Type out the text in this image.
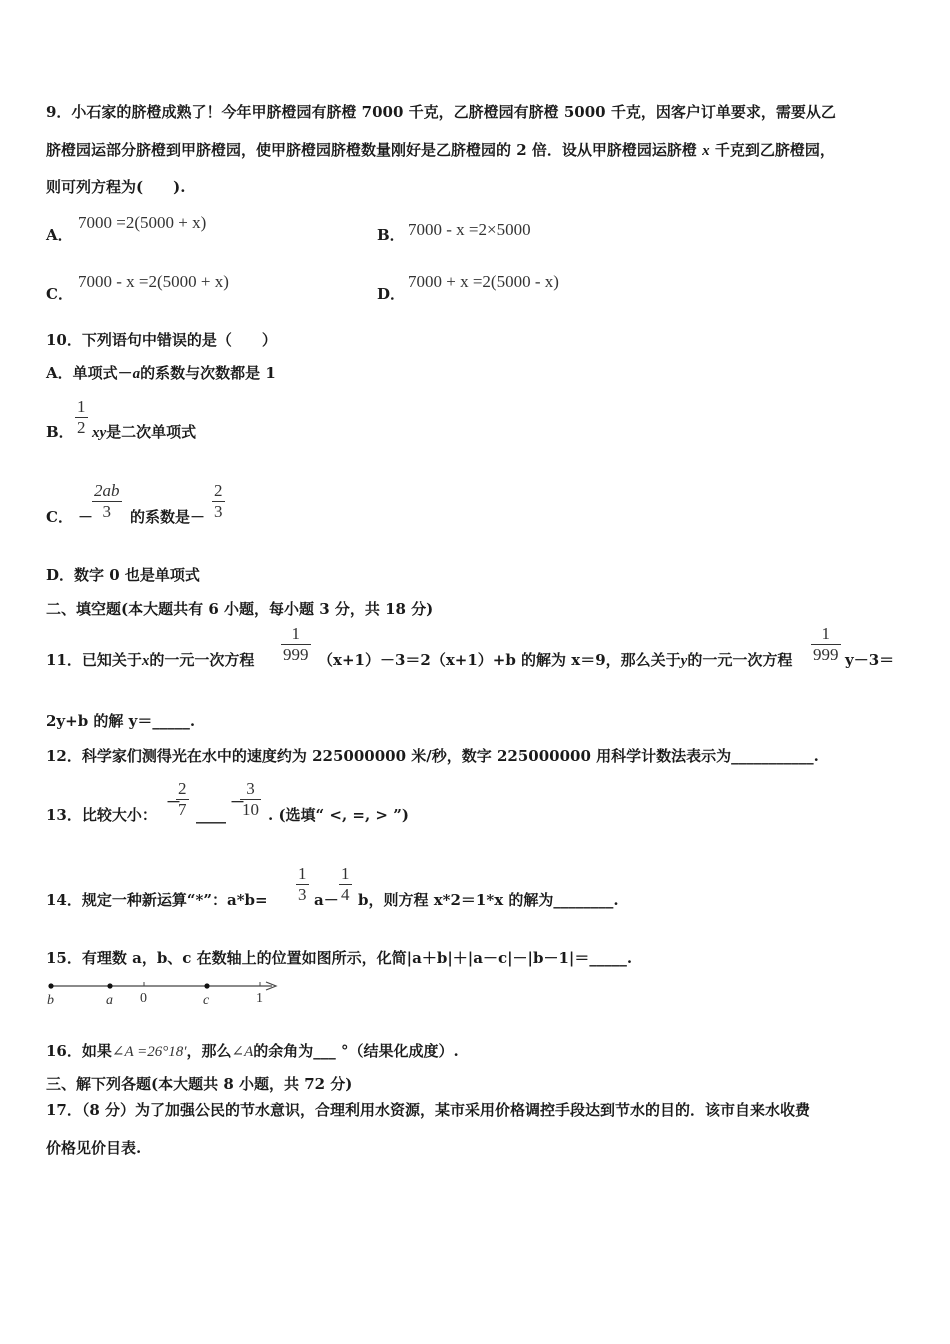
9．小石家的脐橙成熟了！今年甲脐橙园有脐橙 7000 千克，乙脐橙园有脐橙 5000 千克，因客户订单要求，需要从乙
脐橙园运部分脐橙到甲脐橙园，使甲脐橙园脐橙数量刚好是乙脐橙园的 2 倍．设从甲脐橙园运脐橙 x 千克到乙脐橙园，
则可列方程为(　　).
A．
7000 =2(5000 + x)
B． 7000 - x =2×5000
C．
7000 - x =2(5000 + x)
D．
7000 + x =2(5000 - x)
10．下列语句中错误的是（　　）
A．单项式－a的系数与次数都是 1
B． $\frac{1}{2}$ xy是二次单项式
C． －
$\frac{2ab}{3}$ 的系数是－ $\frac{2}{3}$
D．数字 0 也是单项式
二、填空题(本大题共有 6 小题，每小题 3 分，共 18 分)
11．已知关于x的一元一次方程 $\frac{1}{999} (x+1)-3=2(x+1)+b$ 的解为 x＝9，那么关于y的一元一次方程 $\frac{1}{999} y-3=$
2y+b 的解 y＝_____.
12．科学家们测得光在水中的速度约为 225000000 米/秒，数字 225000000 用科学计数法表示为___________.
13．比较大小：
－
$\frac{2}{7}$ ____
－
$\frac{3}{10}$ . (选填“ <, =, > ”)
14．规定一种新运算“*”：$a*b= \frac{1}{3} a- \frac{1}{4}$ b，则方程 x*2＝1*x 的解为________.
15．有理数 a，b、c 在数轴上的位置如图所示，化简|a＋b|＋|a－c|－|b－1|＝_____.
b	a 0	c	1
16．如果∠A =26°18′，那么∠A的余角为___ °（结果化成度）.
三、解下列各题(本大题共 8 小题，共 72 分)
17．（8 分）为了加强公民的节水意识，合理利用水资源，某市采用价格调控手段达到节水的目的．该市自来水收费
价格见价目表.
